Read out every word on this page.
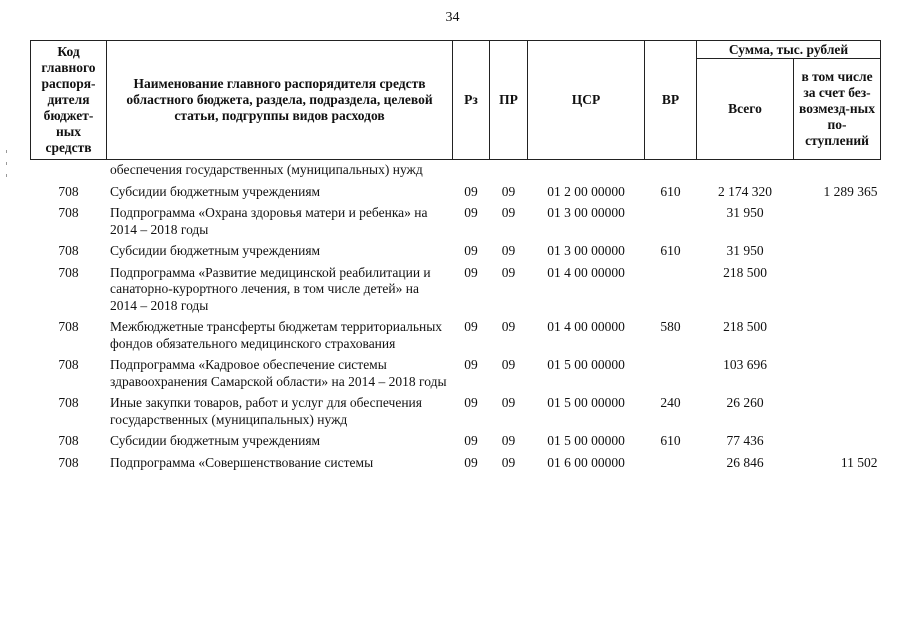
34
Код главного распоря-дителя бюджет-ных средств	Наименование главного распорядителя средств областного бюджета, раздела, подраздела, целевой статьи, подгруппы видов расходов	Рз	ПР	ЦСР	ВР	Сумма, тыс. рублей	
						Всего	в том числе за счет без-возмезд-ных по-ступлений
	обеспечения государственных (муниципальных) нужд						
708	Субсидии бюджетным учреждениям	09	09	01 2 00 00000	610	2 174 320	1 289 365
708	Подпрограмма «Охрана здоровья матери и ребенка» на 2014 – 2018 годы	09	09	01 3 00 00000		31 950	
708	Субсидии бюджетным учреждениям	09	09	01 3 00 00000	610	31 950	
708	Подпрограмма «Развитие медицинской реабилитации и санаторно-курортного лечения, в том числе детей» на 2014 – 2018 годы	09	09	01 4 00 00000		218 500	
708	Межбюджетные трансферты бюджетам территориальных фондов обязательного медицинского страхования	09	09	01 4 00 00000	580	218 500	
708	Подпрограмма «Кадровое обеспечение системы здравоохранения Самарской области» на 2014 – 2018 годы	09	09	01 5 00 00000		103 696	
708	Иные закупки товаров, работ и услуг для обеспечения государственных (муниципальных) нужд	09	09	01 5 00 00000	240	26 260	
708	Субсидии бюджетным учреждениям	09	09	01 5 00 00000	610	77 436	
708	Подпрограмма «Совершенствование системы	09	09	01 6 00 00000		26 846	11 502
